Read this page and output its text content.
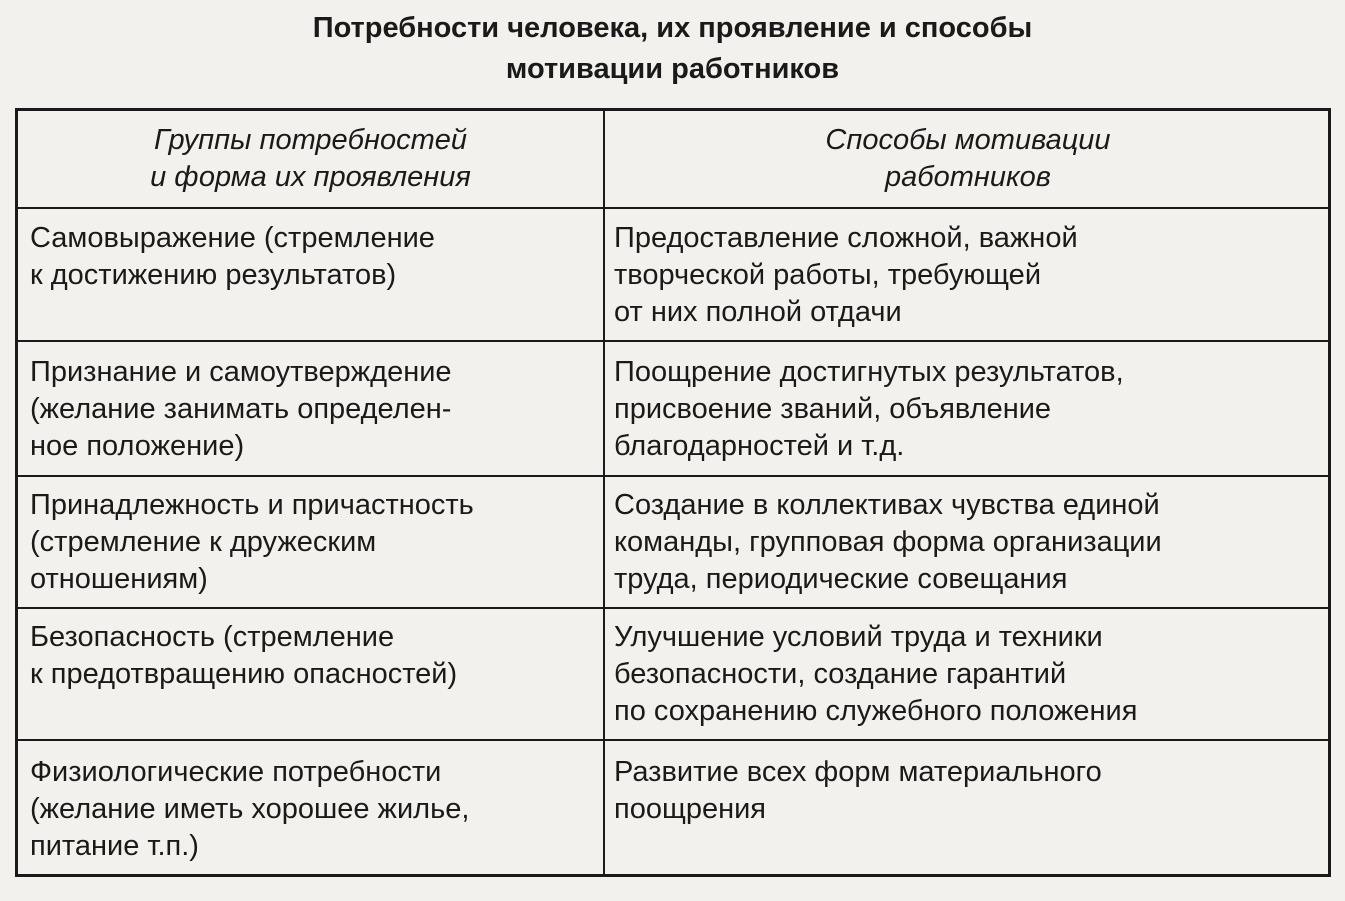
Потребности человека, их проявление и способы
мотивации работников
Группы потребностей
и форма их проявления
Способы мотивации
работников
Самовыражение (стремление
к достижению результатов)
Предоставление сложной, важной
творческой работы, требующей
от них полной отдачи
Признание и самоутверждение
(желание занимать определен-
ное положение)
Поощрение достигнутых результатов,
присвоение званий, объявление
благодарностей и т.д.
Принадлежность и причастность
(стремление к дружеским
отношениям)
Создание в коллективах чувства единой
команды, групповая форма организации
труда, периодические совещания
Безопасность (стремление
к предотвращению опасностей)
Улучшение условий труда и техники
безопасности, создание гарантий
по сохранению служебного положения
Физиологические потребности
(желание иметь хорошее жилье,
питание т.п.)
Развитие всех форм материального
поощрения
